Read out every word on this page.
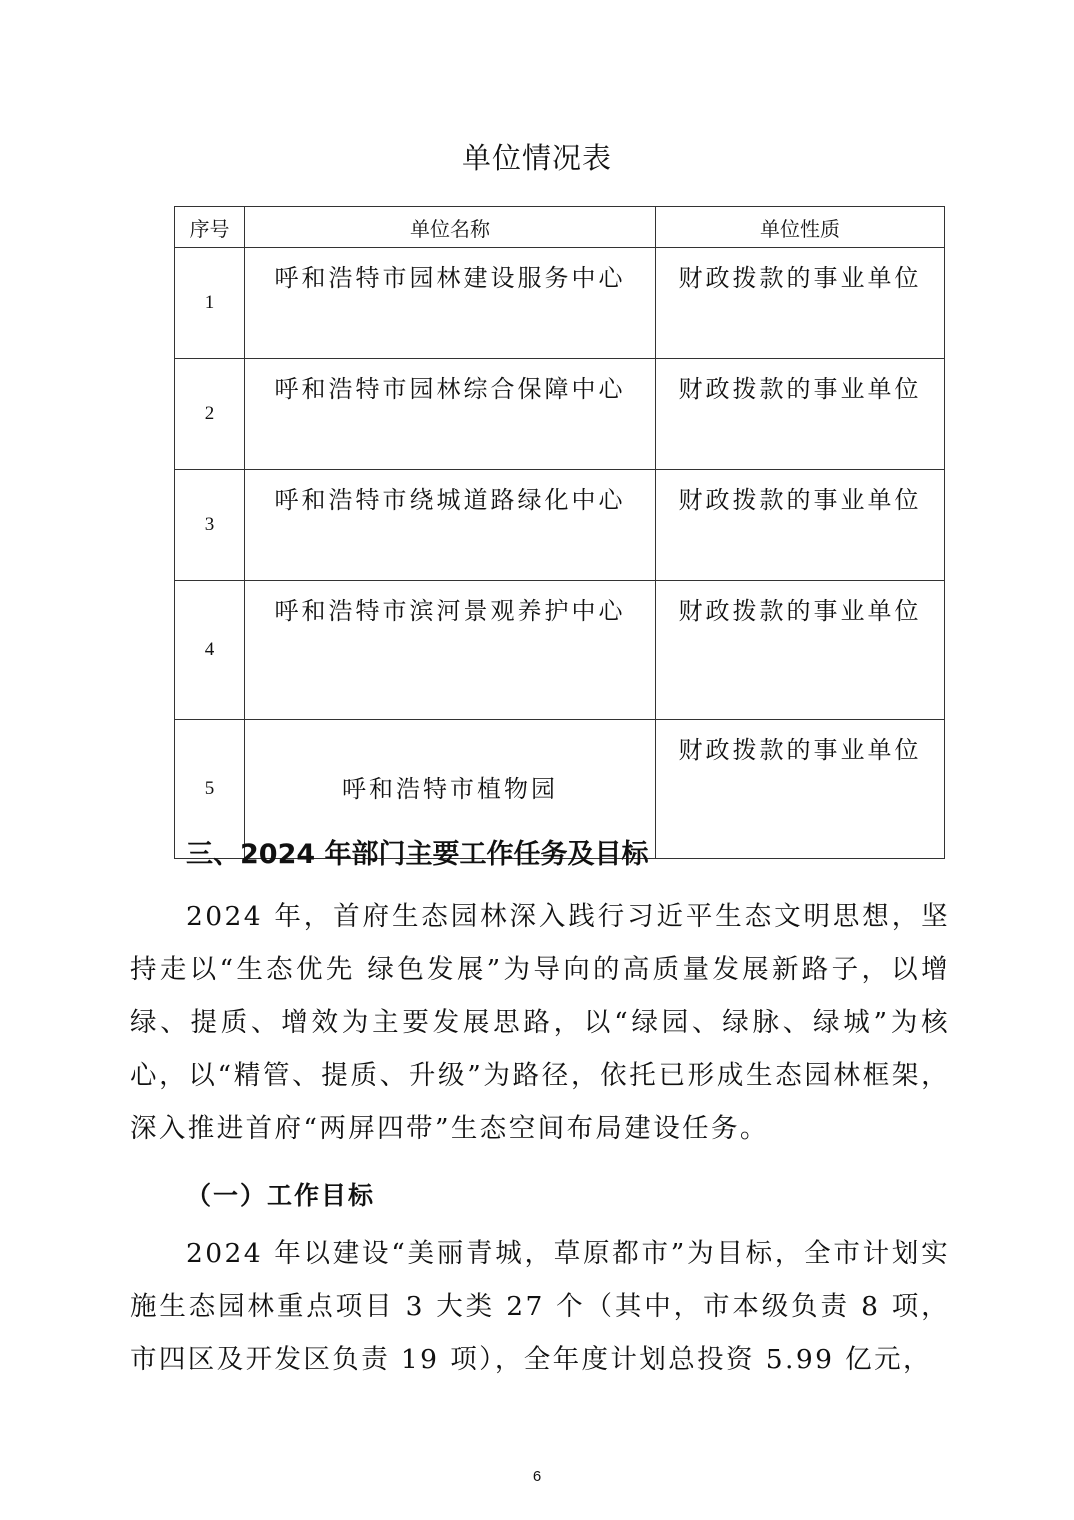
单位情况表
序号	单位名称	单位性质
1	呼和浩特市园林建设服务中心	财政拨款的事业单位
2	呼和浩特市园林综合保障中心	财政拨款的事业单位
3	呼和浩特市绕城道路绿化中心	财政拨款的事业单位
4	呼和浩特市滨河景观养护中心	财政拨款的事业单位
5	呼和浩特市植物园	财政拨款的事业单位
三、2024 年部门主要工作任务及目标

2024 年，首府生态园林深入践行习近平生态文明思想，坚持走以“生态优先 绿色发展”为导向的高质量发展新路子，以增绿、提质、增效为主要发展思路，以“绿园、绿脉、绿城”为核心，以“精管、提质、升级”为路径，依托已形成生态园林框架，深入推进首府“两屏四带”生态空间布局建设任务。

（一）工作目标

2024 年以建设“美丽青城，草原都市”为目标，全市计划实施生态园林重点项目 3 大类 27 个（其中，市本级负责 8 项，市四区及开发区负责 19 项），全年度计划总投资 5.99 亿元，

6
